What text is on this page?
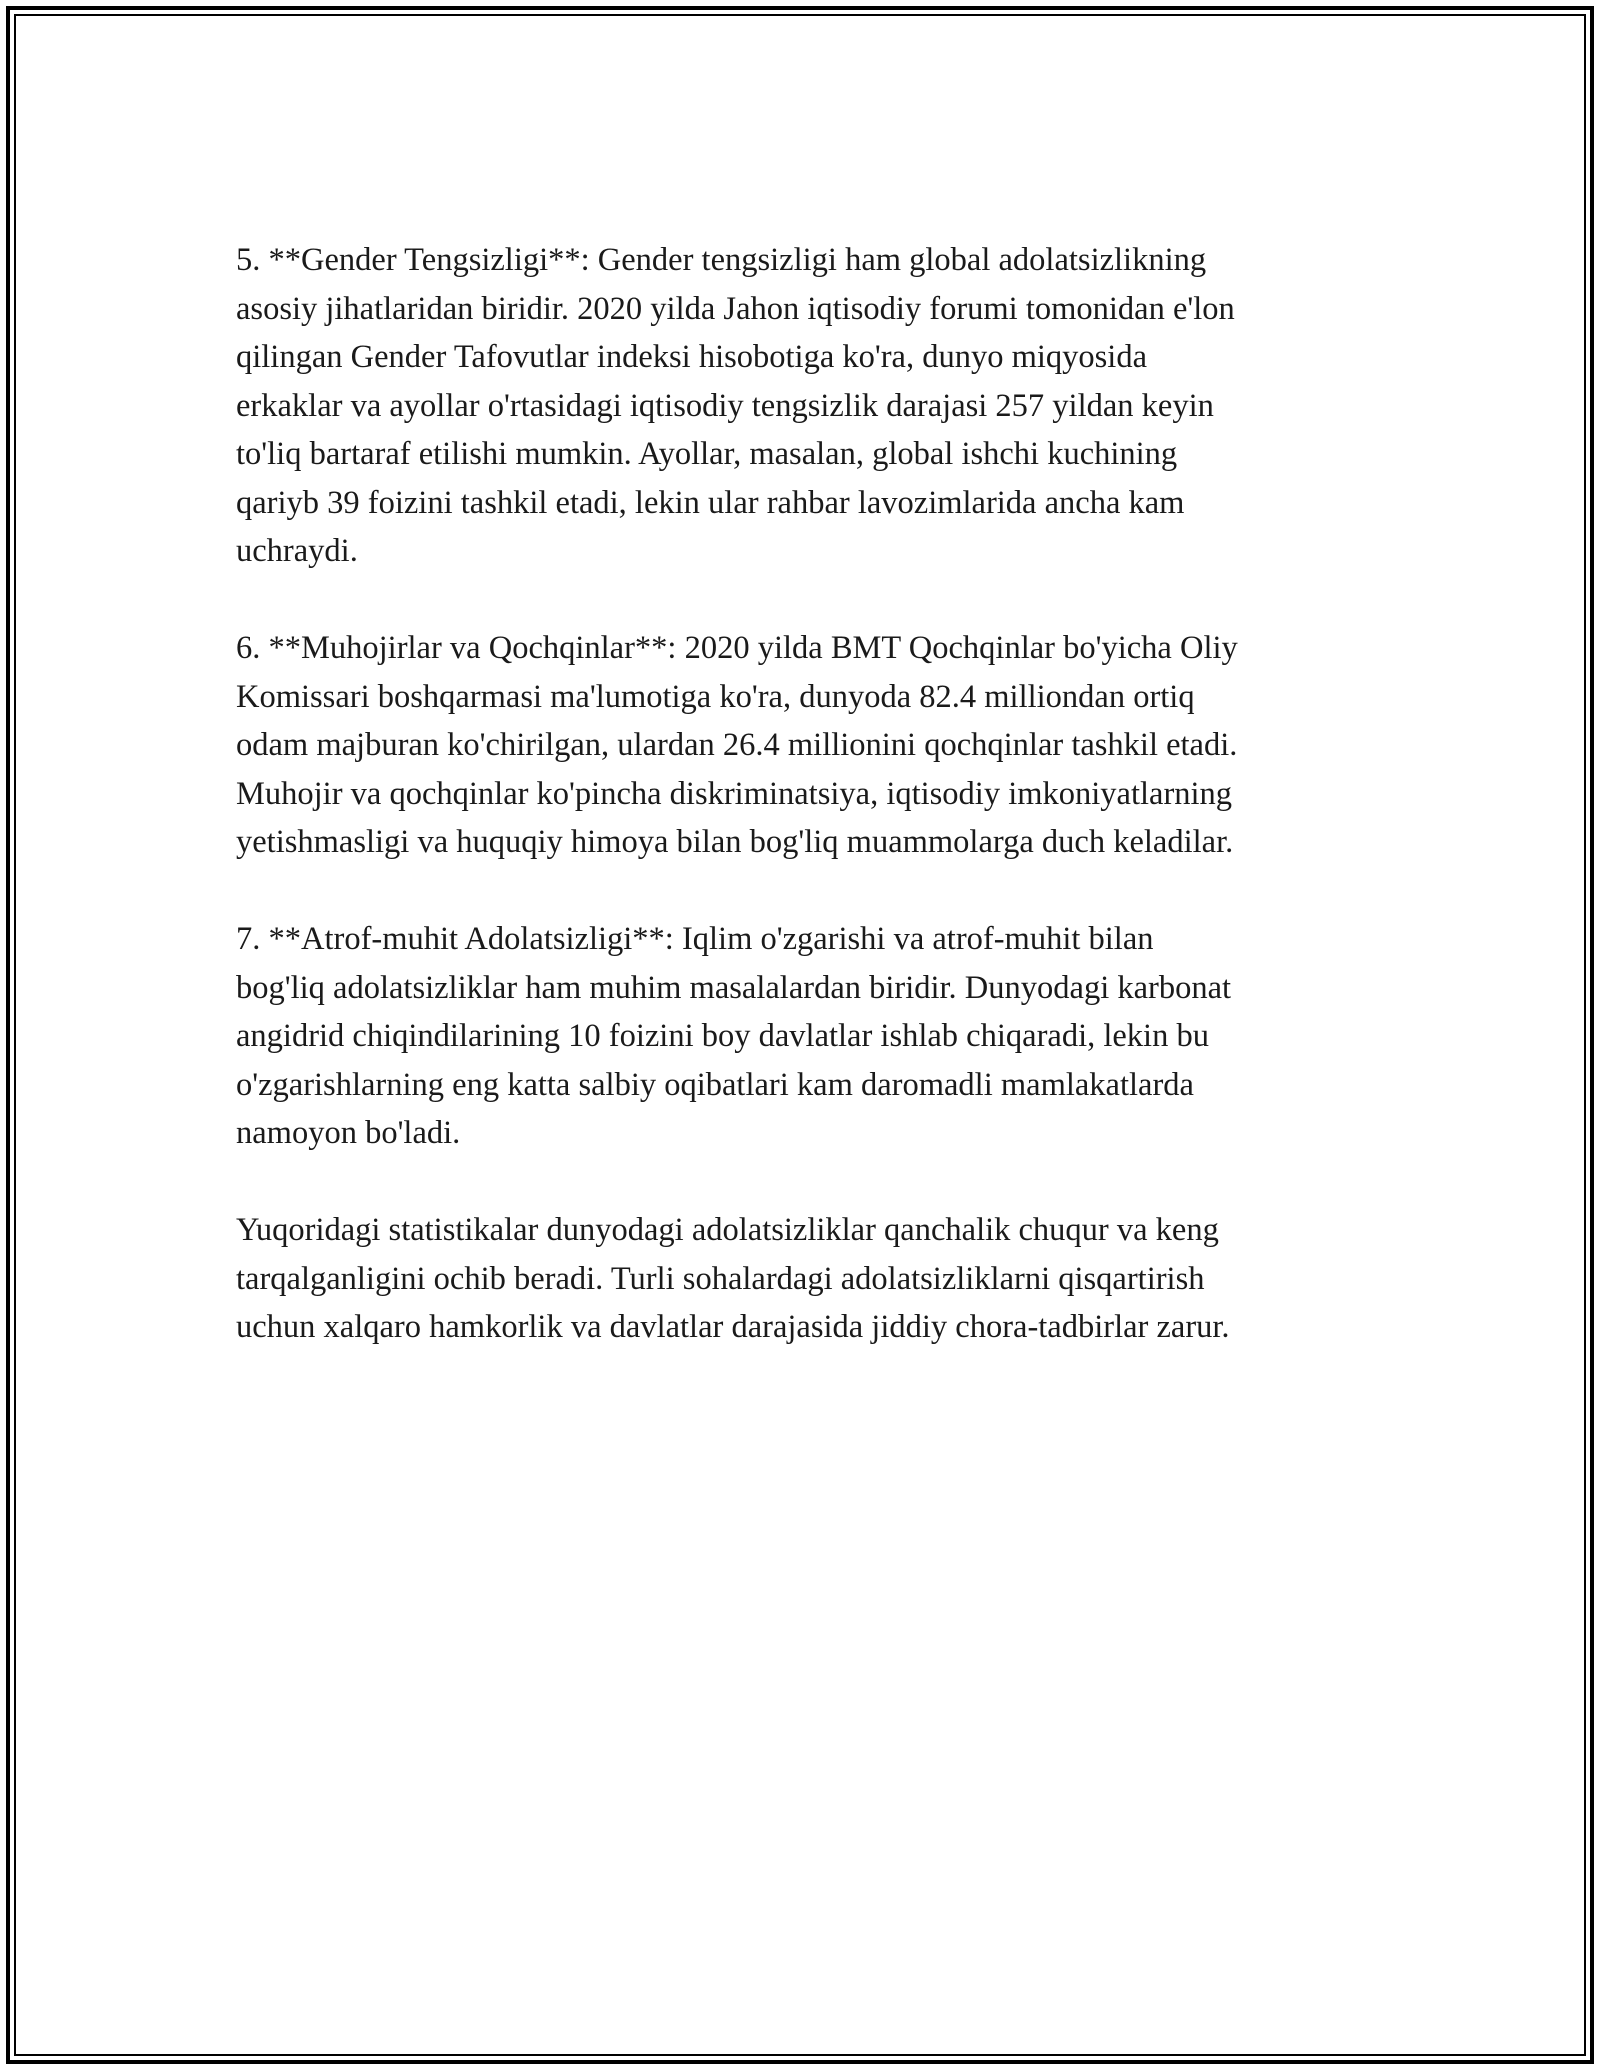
5. **Gender Tengsizligi**: Gender tengsizligi ham global adolatsizlikning
asosiy jihatlaridan biridir. 2020 yilda Jahon iqtisodiy forumi tomonidan e'lon
qilingan Gender Tafovutlar indeksi hisobotiga ko'ra, dunyo miqyosida
erkaklar va ayollar o'rtasidagi iqtisodiy tengsizlik darajasi 257 yildan keyin
to'liq bartaraf etilishi mumkin. Ayollar, masalan, global ishchi kuchining
qariyb 39 foizini tashkil etadi, lekin ular rahbar lavozimlarida ancha kam
uchraydi.

6. **Muhojirlar va Qochqinlar**: 2020 yilda BMT Qochqinlar bo'yicha Oliy
Komissari boshqarmasi ma'lumotiga ko'ra, dunyoda 82.4 milliondan ortiq
odam majburan ko'chirilgan, ulardan 26.4 millionini qochqinlar tashkil etadi.
Muhojir va qochqinlar ko'pincha diskriminatsiya, iqtisodiy imkoniyatlarning
yetishmasligi va huquqiy himoya bilan bog'liq muammolarga duch keladilar.

7. **Atrof-muhit Adolatsizligi**: Iqlim o'zgarishi va atrof-muhit bilan
bog'liq adolatsizliklar ham muhim masalalardan biridir. Dunyodagi karbonat
angidrid chiqindilarining 10 foizini boy davlatlar ishlab chiqaradi, lekin bu
o'zgarishlarning eng katta salbiy oqibatlari kam daromadli mamlakatlarda
namoyon bo'ladi.

Yuqoridagi statistikalar dunyodagi adolatsizliklar qanchalik chuqur va keng
tarqalganligini ochib beradi. Turli sohalardagi adolatsizliklarni qisqartirish
uchun xalqaro hamkorlik va davlatlar darajasida jiddiy chora-tadbirlar zarur.
